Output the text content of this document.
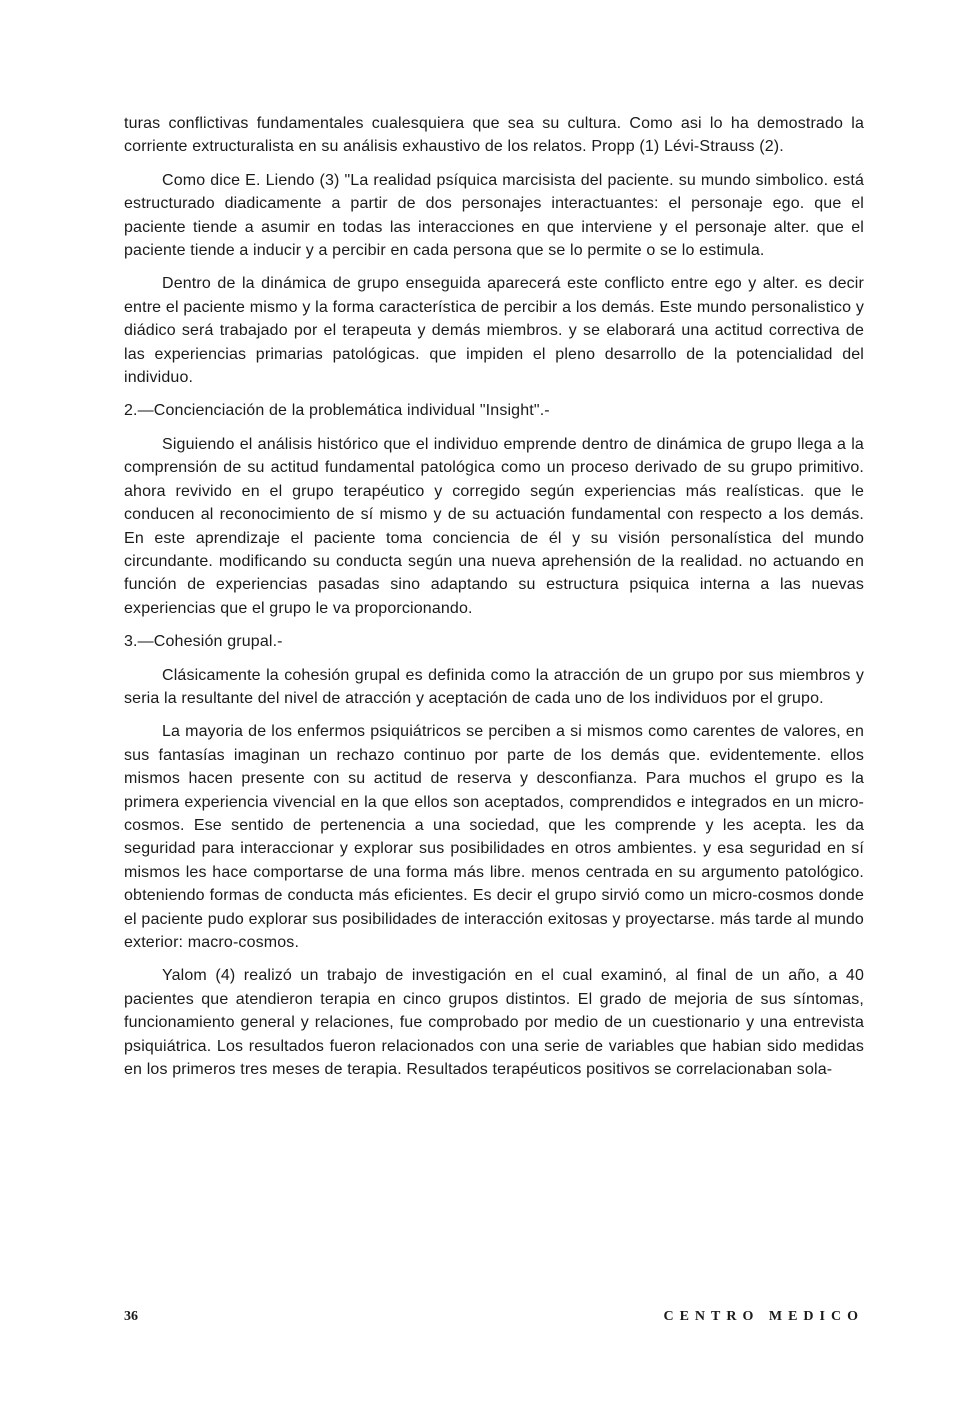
turas conflictivas fundamentales cualesquiera que sea su cultura. Como asi lo ha demostrado la corriente extructuralista en su análisis exhaustivo de los relatos. Propp (1) Lévi-Strauss (2).

Como dice E. Liendo (3) "La realidad psíquica marcisista del paciente. su mundo simbolico. está estructurado diadicamente a partir de dos personajes interactuantes: el personaje ego. que el paciente tiende a asumir en todas las interacciones en que interviene y el personaje alter. que el paciente tiende a inducir y a percibir en cada persona que se lo permite o se lo estimula.

Dentro de la dinámica de grupo enseguida aparecerá este conflicto entre ego y alter. es decir entre el paciente mismo y la forma característica de percibir a los demás. Este mundo personalistico y diádico será trabajado por el terapeuta y demás miembros. y se elaborará una actitud correctiva de las experiencias primarias patológicas. que impiden el pleno desarrollo de la potencialidad del individuo.

2.—Concienciación de la problemática individual "Insight".-

Siguiendo el análisis histórico que el individuo emprende dentro de dinámica de grupo llega a la comprensión de su actitud fundamental patológica como un proceso derivado de su grupo primitivo. ahora revivido en el grupo terapéutico y corregido según experiencias más realísticas. que le conducen al reconocimiento de sí mismo y de su actuación fundamental con respecto a los demás. En este aprendizaje el paciente toma conciencia de él y su visión personalística del mundo circundante. modificando su conducta según una nueva aprehensión de la realidad. no actuando en función de experiencias pasadas sino adaptando su estructura psiquica interna a las nuevas experiencias que el grupo le va proporcionando.

3.—Cohesión grupal.-

Clásicamente la cohesión grupal es definida como la atracción de un grupo por sus miembros y seria la resultante del nivel de atracción y aceptación de cada uno de los individuos por el grupo.

La mayoria de los enfermos psiquiátricos se perciben a si mismos como carentes de valores, en sus fantasías imaginan un rechazo continuo por parte de los demás que. evidentemente. ellos mismos hacen presente con su actitud de reserva y desconfianza. Para muchos el grupo es la primera experiencia vivencial en la que ellos son aceptados, comprendidos e integrados en un micro-cosmos. Ese sentido de pertenencia a una sociedad, que les comprende y les acepta. les da seguridad para interaccionar y explorar sus posibilidades en otros ambientes. y esa seguridad en sí mismos les hace comportarse de una forma más libre. menos centrada en su argumento patológico. obteniendo formas de conducta más eficientes. Es decir el grupo sirvió como un micro-cosmos donde el paciente pudo explorar sus posibilidades de interacción exitosas y proyectarse. más tarde al mundo exterior: macro-cosmos.

Yalom (4) realizó un trabajo de investigación en el cual examinó, al final de un año, a 40 pacientes que atendieron terapia en cinco grupos distintos. El grado de mejoria de sus síntomas, funcionamiento general y relaciones, fue comprobado por medio de un cuestionario y una entrevista psiquiátrica. Los resultados fueron relacionados con una serie de variables que habian sido medidas en los primeros tres meses de terapia. Resultados terapéuticos positivos se correlacionaban sola-

36	CENTRO MEDICO
